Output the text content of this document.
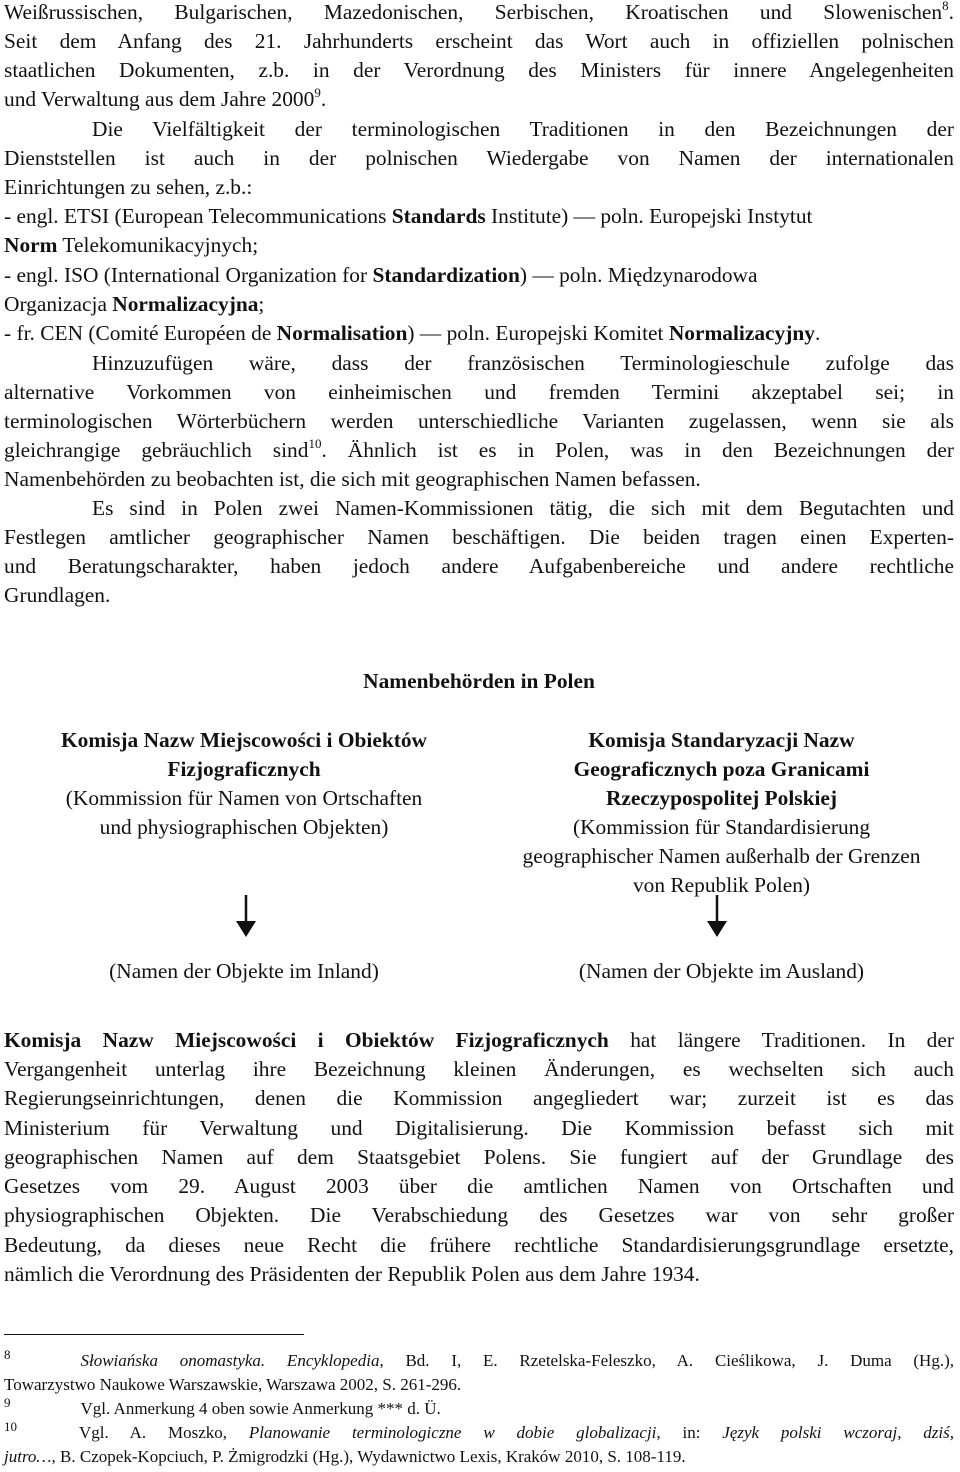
Weißrussischen, Bulgarischen, Mazedonischen, Serbischen, Kroatischen und Slowenischen$^8$.
Seit dem Anfang des 21. Jahrhunderts erscheint das Wort auch in offiziellen polnischen
staatlichen Dokumenten, z.b. in der Verordnung des Ministers für innere Angelegenheiten
und Verwaltung aus dem Jahre 2000$^9$.
Die Vielfältigkeit der terminologischen Traditionen in den Bezeichnungen der
Dienststellen ist auch in der polnischen Wiedergabe von Namen der internationalen
Einrichtungen zu sehen, z.b.:
- engl. ETSI (European Telecommunications Standards Institute) — poln. Europejski Instytut
Norm Telekomunikacyjnych;
- engl. ISO (International Organization for Standardization) — poln. Międzynarodowa
Organizacja Normalizacyjna;
- fr. CEN (Comité Européen de Normalisation) — poln. Europejski Komitet Normalizacyjny.
Hinzuzufügen wäre, dass der französischen Terminologieschule zufolge das
alternative Vorkommen von einheimischen und fremden Termini akzeptabel sei; in
terminologischen Wörterbüchern werden unterschiedliche Varianten zugelassen, wenn sie als
gleichrangige gebräuchlich sind$^{10}$. Ähnlich ist es in Polen, was in den Bezeichnungen der
Namenbehörden zu beobachten ist, die sich mit geographischen Namen befassen.
Es sind in Polen zwei Namen-Kommissionen tätig, die sich mit dem Begutachten und
Festlegen amtlicher geographischer Namen beschäftigen. Die beiden tragen einen Experten-
und Beratungscharakter, haben jedoch andere Aufgabenbereiche und andere rechtliche
Grundlagen.
Namenbehörden in Polen
Komisja Nazw Miejscowości i Obiektów
Fizjograficznych
(Kommission für Namen von Ortschaften
und physiographischen Objekten)
Komisja Standaryzacji Nazw
Geograficznych poza Granicami
Rzeczypospolitej Polskiej
(Kommission für Standardisierung
geographischer Namen außerhalb der Grenzen
von Republik Polen)
(Namen der Objekte im Inland)	(Namen der Objekte im Ausland)
Komisja Nazw Miejscowości i Obiektów Fizjograficznych hat längere Traditionen. In der
Vergangenheit unterlag ihre Bezeichnung kleinen Änderungen, es wechselten sich auch
Regierungseinrichtungen, denen die Kommission angegliedert war; zurzeit ist es das
Ministerium für Verwaltung und Digitalisierung. Die Kommission befasst sich mit
geographischen Namen auf dem Staatsgebiet Polens. Sie fungiert auf der Grundlage des
Gesetzes vom 29. August 2003 über die amtlichen Namen von Ortschaften und
physiographischen Objekten. Die Verabschiedung des Gesetzes war von sehr großer
Bedeutung, da dieses neue Recht die frühere rechtliche Standardisierungsgrundlage ersetzte,
nämlich die Verordnung des Präsidenten der Republik Polen aus dem Jahre 1934.
$^8$	Słowiańska onomastyka. Encyklopedia, Bd. I, E. Rzetelska-Feleszko, A. Cieślikowa, J. Duma (Hg.),
Towarzystwo Naukowe Warszawskie, Warszawa 2002, S. 261-296.
$^9$	Vgl. Anmerkung 4 oben sowie Anmerkung *** d. Ü.
$^{10}$	Vgl. A. Moszko, Planowanie terminologiczne w dobie globalizacji, in: Język polski wczoraj, dziś,
jutro…, B. Czopek-Kopciuch, P. Żmigrodzki (Hg.), Wydawnictwo Lexis, Kraków 2010, S. 108-119.
